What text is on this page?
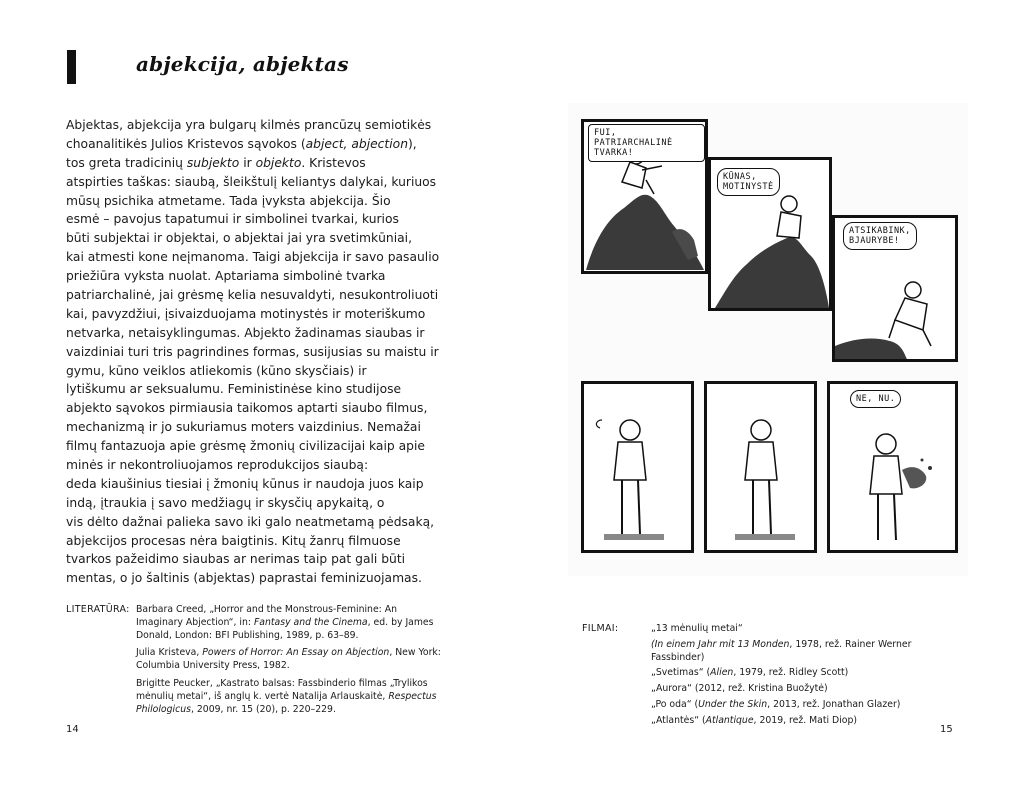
abjekcija, abjektas
Abjektas, abjekcija yra bulgarų kilmės prancūzų semiotikės
choanalitikės Julios Kristevos sąvokos (abject, abjection),
tos greta tradicinių subjekto ir objekto. Kristevos
atspirties taškas: siaubą, šleikštulį keliantys dalykai, kuriuos
mūsų psichika atmetame. Tada įvyksta abjekcija. Šio
esmė – pavojus tapatumui ir simbolinei tvarkai, kurios
būti subjektai ir objektai, o abjektai jai yra svetimkūniai,
kai atmesti kone neįmanoma. Taigi abjekcija ir savo pasaulio
priežiūra vyksta nuolat. Aptariama simbolinė tvarka
patriarchalinė, jai grėsmę kelia nesuvaldyti, nesukontroliuoti
kai, pavyzdžiui, įsivaizduojama motinystės ir moteriškumo
netvarka, netaisyklingumas. Abjekto žadinamas siaubas ir
vaizdiniai turi tris pagrindines formas, susijusias su maistu ir
gymu, kūno veiklos atliekomis (kūno skysčiais) ir
lytiškumu ar seksualumu. Feministinėse kino studijose
abjekto sąvokos pirmiausia taikomos aptarti siaubo filmus,
mechanizmą ir jo sukuriamus moters vaizdinius. Nemažai
filmų fantazuoja apie grėsmę žmonių civilizacijai kaip apie
minės ir nekontroliuojamos reprodukcijos siaubą:
deda kiaušinius tiesiai į žmonių kūnus ir naudoja juos kaip
indą, įtraukia į savo medžiagų ir skysčių apykaitą, o
vis dėlto dažnai palieka savo iki galo neatmetamą pėdsaką,
abjekcijos procesas nėra baigtinis. Kitų žanrų filmuose
tvarkos pažeidimo siaubas ar nerimas taip pat gali būti
mentas, o jo šaltinis (abjektas) paprastai feminizuojamas.
LITERATŪRA: Barbara Creed, „Horror and the Monstrous-Feminine: An Imaginary Abjection“, in: Fantasy and the Cinema, ed. by James Donald, London: BFI Publishing, 1989, p. 63–89.
Julia Kristeva, Powers of Horror: An Essay on Abjection, New York: Columbia University Press, 1982.
Brigitte Peucker, „Kastrato balsas: Fassbinderio filmas „Trylikos mėnulių metai“, iš anglų k. vertė Natalija Arlauskaitė, Respectus Philologicus, 2009, nr. 15 (20), p. 220–229.
14
FUI, PATRIARCHALINĖ
TVARKA!
KŪNAS,
MOTINYSTĖ
ATSIKABINK,
BJAURYBE!
NE, NU.
FILMAI:	„13 mėnulių metai“
(In einem Jahr mit 13 Monden, 1978, rež. Rainer Werner Fassbinder)
„Svetimas“ (Alien, 1979, rež. Ridley Scott)
„Aurora“ (2012, rež. Kristina Buožytė)
„Po oda“ (Under the Skin, 2013, rež. Jonathan Glazer)
„Atlantės“ (Atlantique, 2019, rež. Mati Diop)
15
